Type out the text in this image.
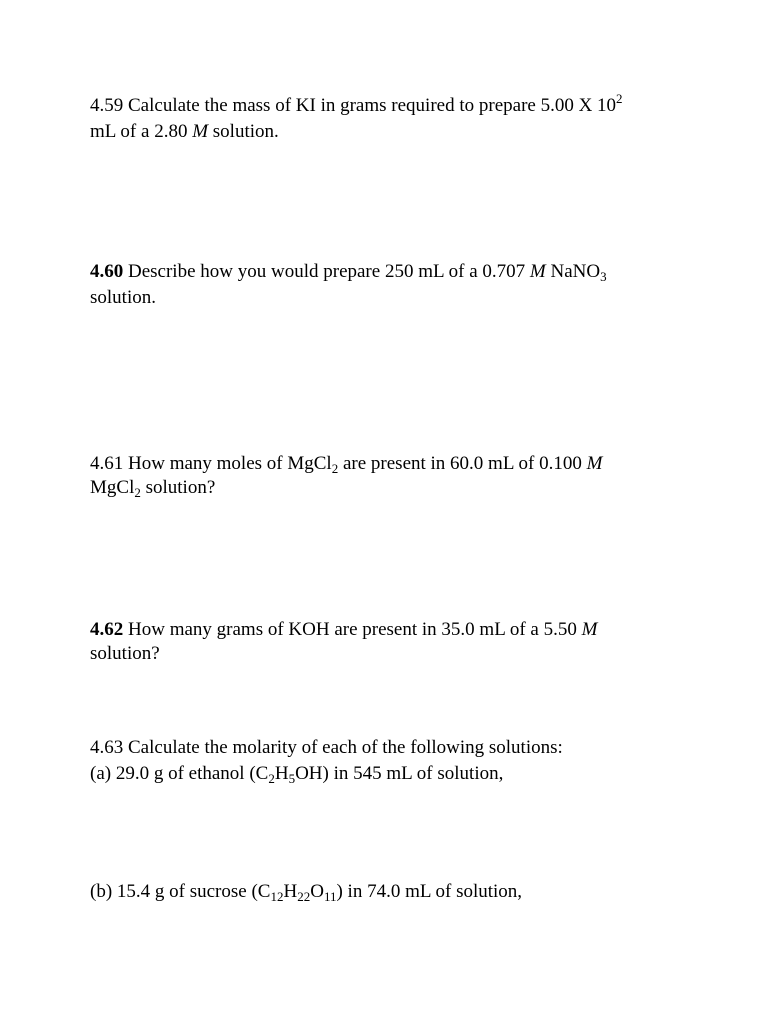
4.59 Calculate the mass of KI in grams required to prepare 5.00 X $10^2$
mL of a 2.80 M solution.
4.60 Describe how you would prepare 250 mL of a 0.707 M NaNO$_3$
solution.
4.61 How many moles of MgCl$_2$ are present in 60.0 mL of 0.100 M
MgCl$_2$ solution?
4.62 How many grams of KOH are present in 35.0 mL of a 5.50 M
solution?
4.63 Calculate the molarity of each of the following solutions:
(a) 29.0 g of ethanol $(C_2H_5OH)$ in 545 mL of solution,
(b) 15.4 g of sucrose $(C_{12}H_{22}O_{11})$ in 74.0 mL of solution,
